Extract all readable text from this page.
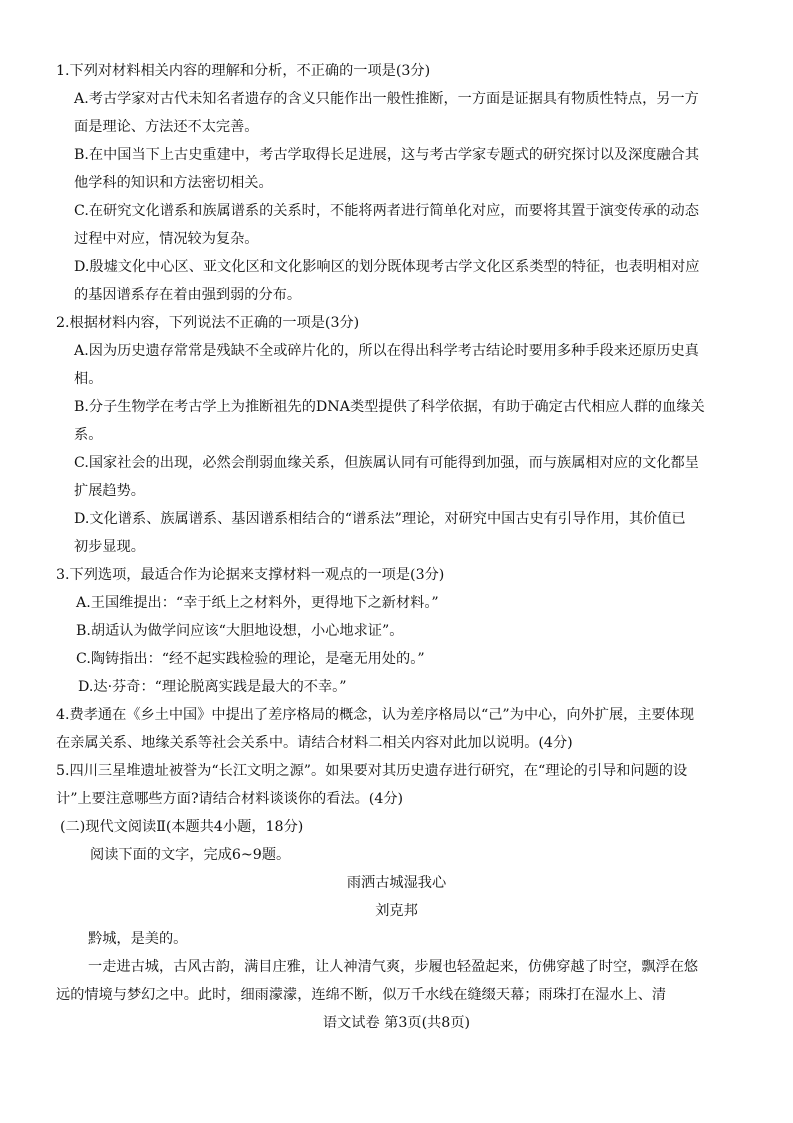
1.下列对材料相关内容的理解和分析，不正确的一项是(3分)
A.考古学家对古代未知名者遗存的含义只能作出一般性推断，一方面是证据具有物质性特点，另一方
面是理论、方法还不太完善。
B.在中国当下上古史重建中，考古学取得长足进展，这与考古学家专题式的研究探讨以及深度融合其
他学科的知识和方法密切相关。
C.在研究文化谱系和族属谱系的关系时，不能将两者进行简单化对应，而要将其置于演变传承的动态
过程中对应，情况较为复杂。
D.殷墟文化中心区、亚文化区和文化影响区的划分既体现考古学文化区系类型的特征，也表明相对应
的基因谱系存在着由强到弱的分布。
2.根据材料内容，下列说法不正确的一项是(3分)
A.因为历史遗存常常是残缺不全或碎片化的，所以在得出科学考古结论时要用多种手段来还原历史真
相。
B.分子生物学在考古学上为推断祖先的DNA类型提供了科学依据，有助于确定古代相应人群的血缘关
系。
C.国家社会的出现，必然会削弱血缘关系，但族属认同有可能得到加强，而与族属相对应的文化都呈
扩展趋势。
D.文化谱系、族属谱系、基因谱系相结合的“谱系法”理论，对研究中国古史有引导作用，其价值已
初步显现。
3.下列选项，最适合作为论据来支撑材料一观点的一项是(3分)
A.王国维提出：“幸于纸上之材料外，更得地下之新材料。”
B.胡适认为做学问应该“大胆地设想，小心地求证”。
C.陶铸指出：“经不起实践检验的理论，是毫无用处的。”
D.达·芬奇：“理论脱离实践是最大的不幸。”
4.费孝通在《乡土中国》中提出了差序格局的概念，认为差序格局以“己”为中心，向外扩展，主要体现
在亲属关系、地缘关系等社会关系中。请结合材料二相关内容对此加以说明。(4分)
5.四川三星堆遗址被誉为“长江文明之源”。如果要对其历史遗存进行研究，在“理论的引导和问题的设
计”上要注意哪些方面?请结合材料谈谈你的看法。(4分)
(二)现代文阅读Ⅱ(本题共4小题，18分)
阅读下面的文字，完成6~9题。
雨洒古城湿我心
刘克邦
黔城，是美的。
一走进古城，古风古韵，满目庄雅，让人神清气爽，步履也轻盈起来，仿佛穿越了时空，飘浮在悠
远的情境与梦幻之中。此时，细雨濛濛，连绵不断，似万千水线在缝缀天幕；雨珠打在湿水上、清
语文试卷 第3页(共8页)
